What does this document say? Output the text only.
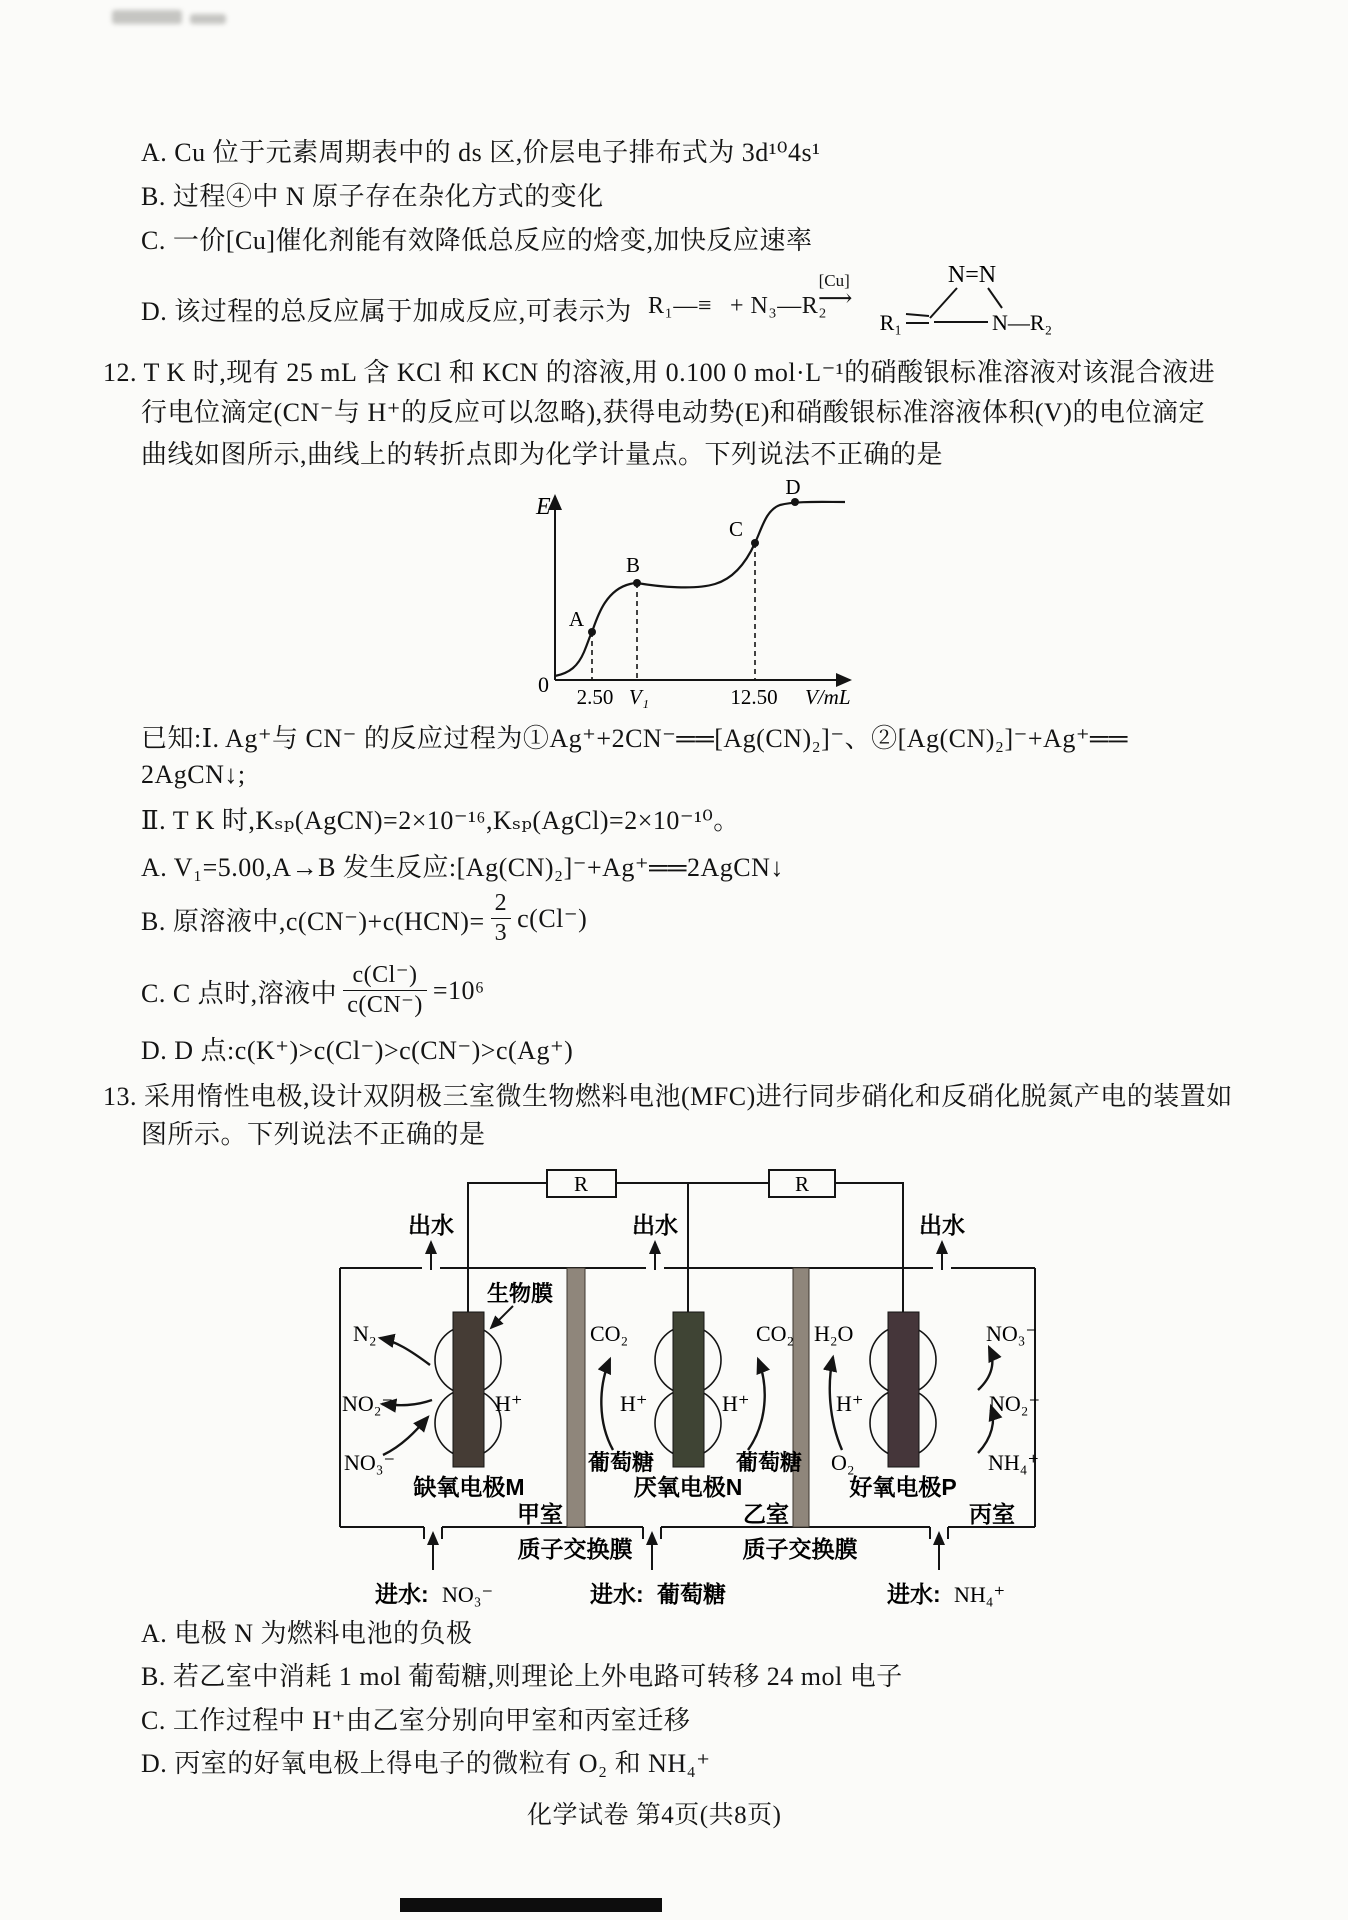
A. Cu 位于元素周期表中的 ds 区,价层电子排布式为 3d¹⁰4s¹
B. 过程④中 N 原子存在杂化方式的变化
C. 一价[Cu]催化剂能有效降低总反应的焓变,加快反应速率
D. 该过程的总反应属于加成反应,可表示为 R₁—≡ + N₃—R₂
[Cu]
⟶
N=N
R₁	N—R₂
12. T K 时,现有 25 mL 含 KCl 和 KCN 的溶液,用 0.100 0 mol·L⁻¹的硝酸银标准溶液对该混合液进
行电位滴定(CN⁻与 H⁺的反应可以忽略),获得电动势(E)和硝酸银标准溶液体积(V)的电位滴定
曲线如图所示,曲线上的转折点即为化学计量点。下列说法不正确的是
E
0
A
B
C
D
2.50 V₁	12.50 V/mL
已知:Ⅰ. Ag⁺与 CN⁻ 的反应过程为①Ag⁺+2CN⁻══[Ag(CN)₂]⁻、②[Ag(CN)₂]⁻+Ag⁺══
2AgCN↓;
Ⅱ. T K 时,Kₛₚ(AgCN)=2×10⁻¹⁶,Kₛₚ(AgCl)=2×10⁻¹⁰。
A. V₁=5.00,A→B 发生反应:[Ag(CN)₂]⁻+Ag⁺══2AgCN↓
B. 原溶液中$,c(CN^-)+c(HCN)= \frac{2}{3} c(Cl^-)$
C. C 点时,溶液中 $\frac{c(Cl^-)}{c(CN^-)} =10^6$
D. D 点:c(K⁺)>c(Cl⁻)>c(CN⁻)>c(Ag⁺)
13. 采用惰性电极,设计双阴极三室微生物燃料电池(MFC)进行同步硝化和反硝化脱氮产电的装置如
图所示。下列说法不正确的是
R	R
出水	出水	出水
生物膜
N₂
NO₂⁻
NO₃⁻
H⁺
CO₂	CO₂
H⁺	H⁺
葡萄糖	葡萄糖
H₂O
H⁺
O₂
NO₃⁻
NO₂⁻
NH₄⁺
缺氧电极M	厌氧电极N	好氧电极P
甲室	乙室	丙室
质子交换膜	质子交换膜
进水: NO₃⁻	进水: 葡萄糖	进水: NH₄⁺
A. 电极 N 为燃料电池的负极
B. 若乙室中消耗 1 mol 葡萄糖,则理论上外电路可转移 24 mol 电子
C. 工作过程中 H⁺由乙室分别向甲室和丙室迁移
D. 丙室的好氧电极上得电子的微粒有 O₂ 和 NH₄⁺
化学试卷 第4页(共8页)
